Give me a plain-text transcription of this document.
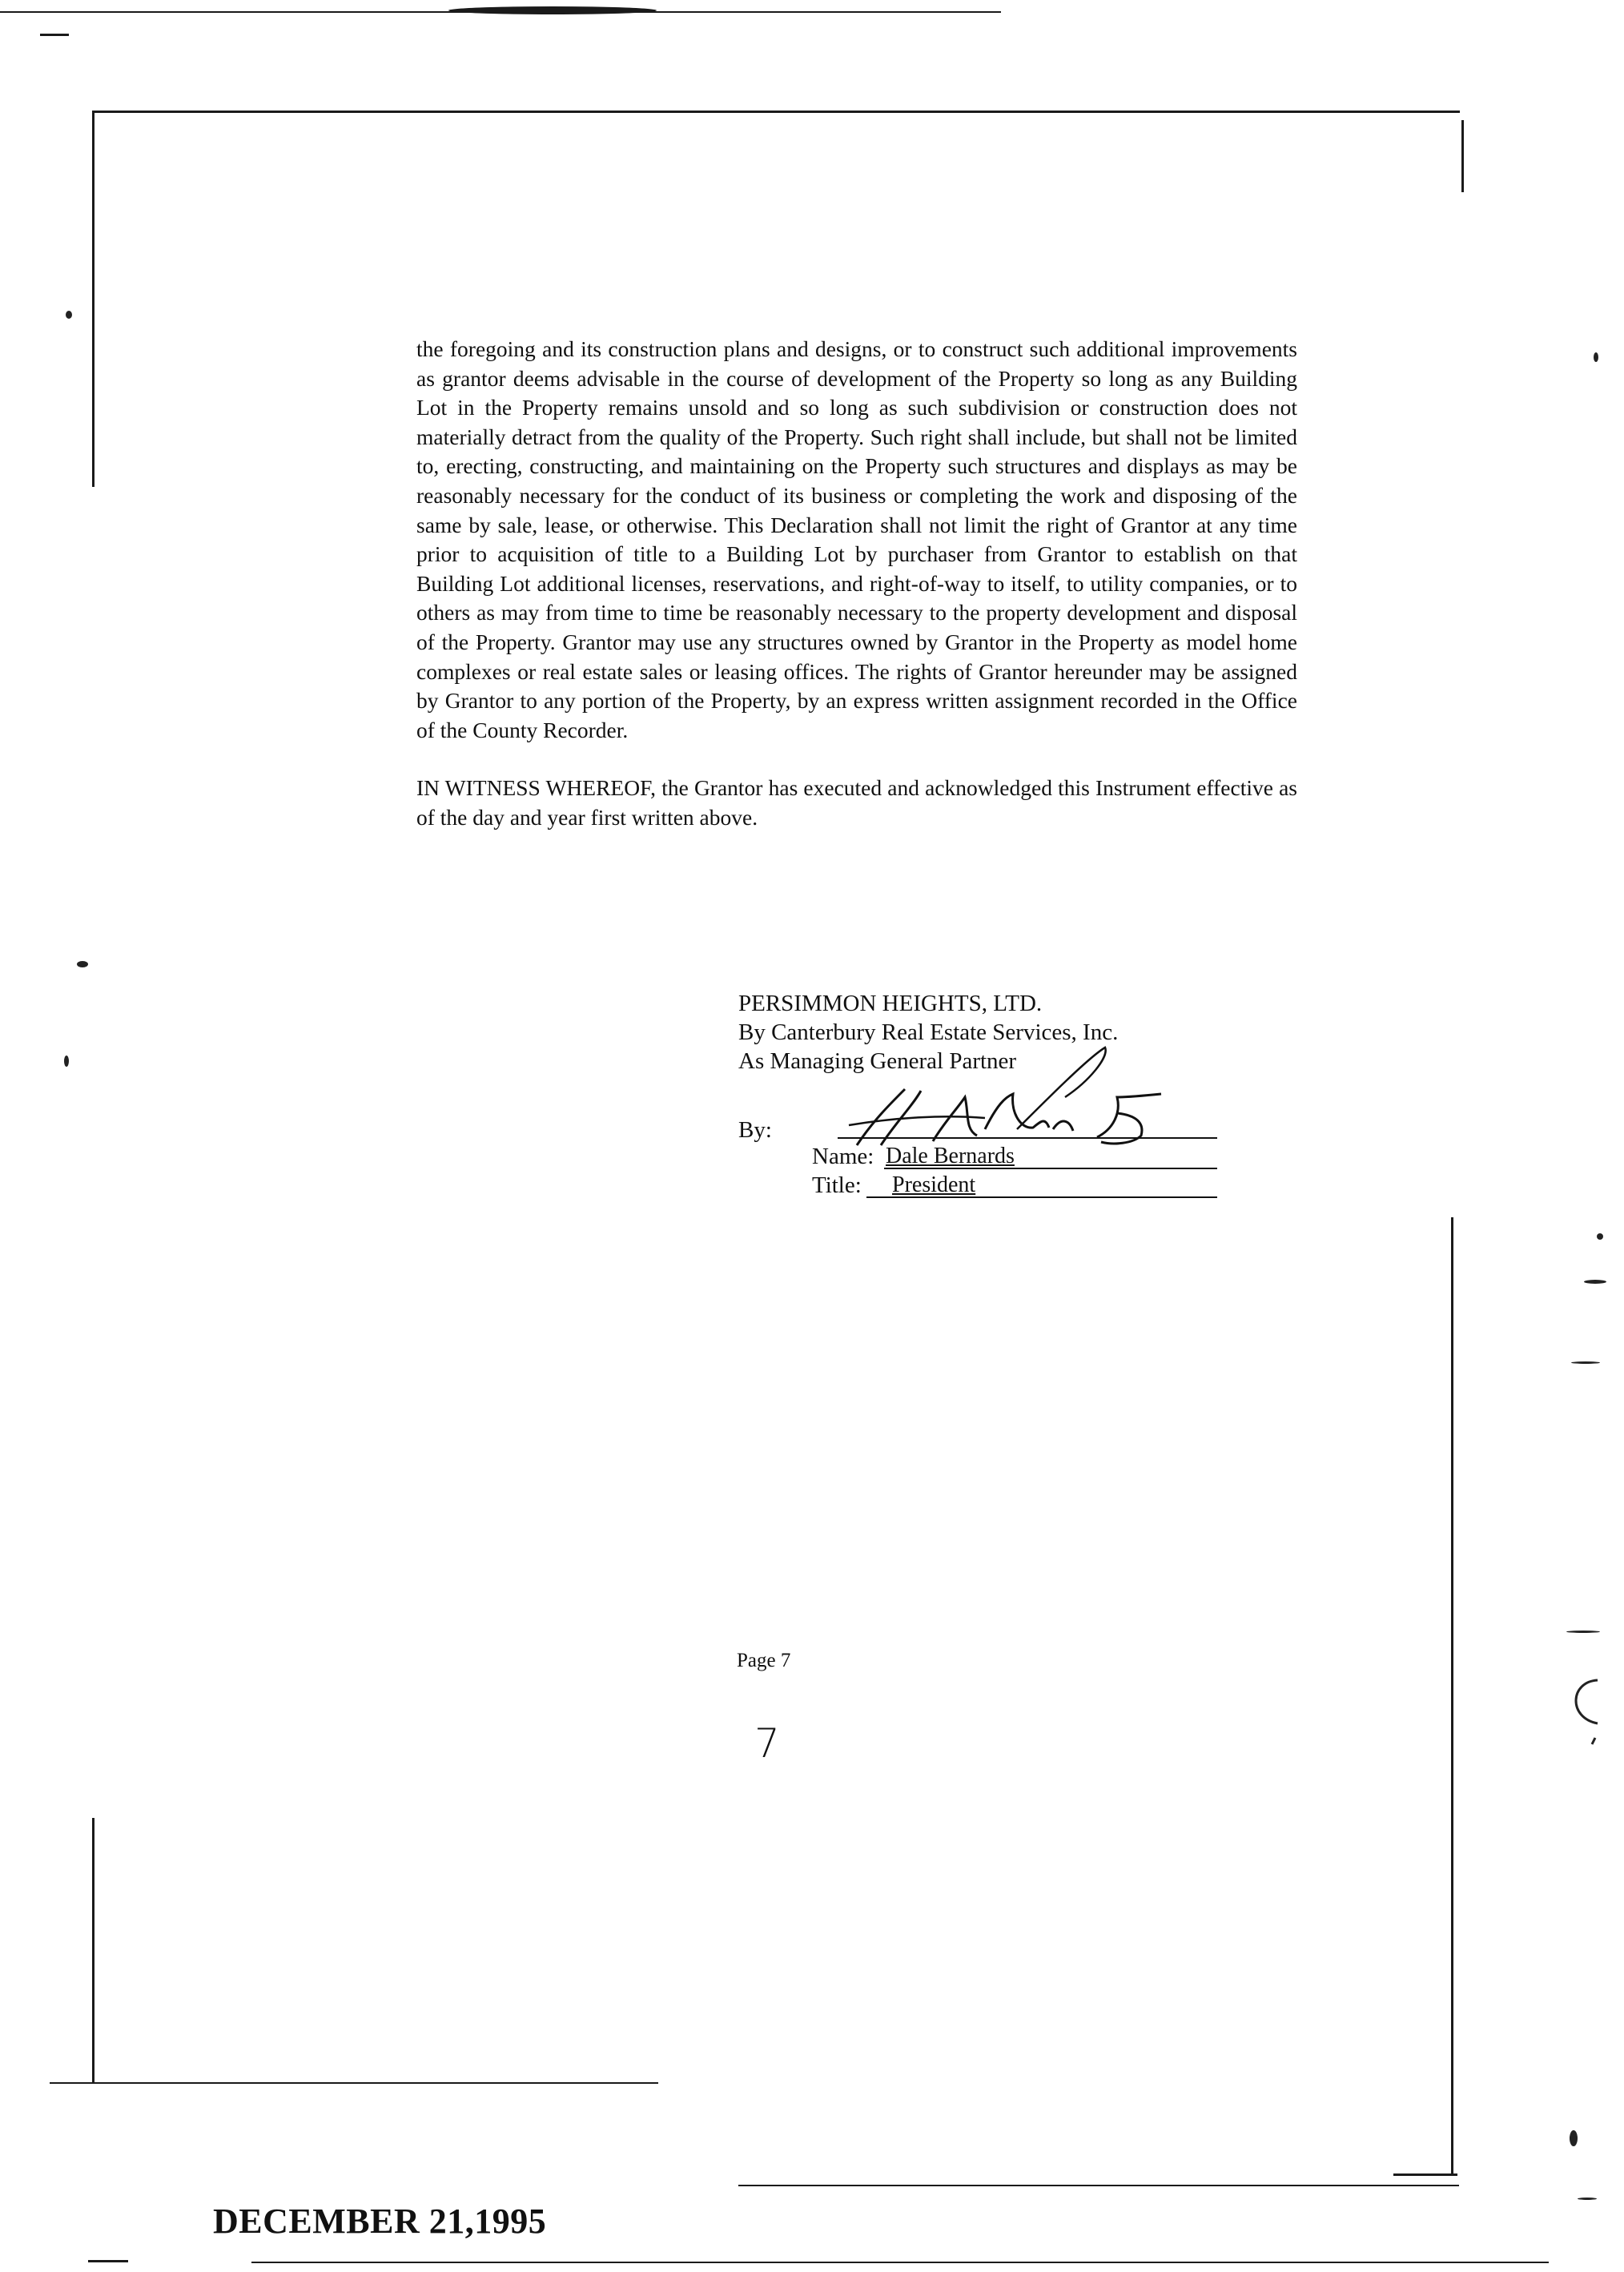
the foregoing and its construction plans and designs, or to construct such additional improvements as grantor deems advisable in the course of development of the Property so long as any Building Lot in the Property remains unsold and so long as such subdivision or construction does not materially detract from the quality of the Property. Such right shall include, but shall not be limited to, erecting, constructing, and maintaining on the Property such structures and displays as may be reasonably necessary for the conduct of its business or completing the work and disposing of the same by sale, lease, or otherwise. This Declaration shall not limit the right of Grantor at any time prior to acquisition of title to a Building Lot by purchaser from Grantor to establish on that Building Lot additional licenses, reservations, and right-of-way to itself, to utility companies, or to others as may from time to time be reasonably necessary to the property development and disposal of the Property. Grantor may use any structures owned by Grantor in the Property as model home complexes or real estate sales or leasing offices. The rights of Grantor hereunder may be assigned by Grantor to any portion of the Property, by an express written assignment recorded in the Office of the County Recorder.

IN WITNESS WHEREOF, the Grantor has executed and acknowledged this Instrument effective as of the day and year first written above.

PERSIMMON HEIGHTS, LTD.
By Canterbury Real Estate Services, Inc.
As Managing General Partner
By:
Name: Dale Bernards
Title: President
Page 7
7
DECEMBER 21,1995
